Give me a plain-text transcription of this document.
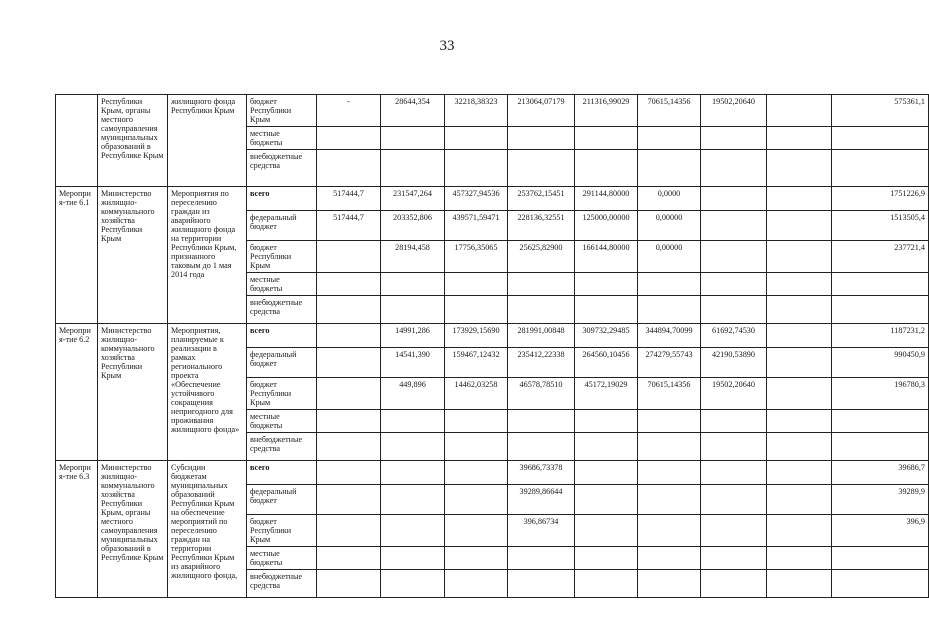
33
	Республики Крым, органы местного самоуправления муниципальных образований в Республике Крым	жилищного фонда Республики Крым	бюджет Республики Крым	-	28644,354	32218,38323	213064,07179	211316,99029	70615,14356	19502,20640		575361,1
			местные бюджеты									
			внебюджетные средства									
Мероприя-тие 6.1	Министерство жилищно-коммунального хозяйства Республики Крым	Мероприятия по переселению граждан из аварийного жилищного фонда на территории Республики Крым, признанного таковым до 1 мая 2014 года	всего	517444,7	231547,264	457327,94536	253762,15451	291144,80000	0,0000			1751226,9
			федеральный бюджет	517444,7	203352,806	439571,59471	228136,32551	125000,00000	0,00000			1513505,4
			бюджет Республики Крым		28194,458	17756,35065	25625,82900	166144,80000	0,00000			237721,4
			местные бюджеты									
			внебюджетные средства									
Мероприя-тие 6.2	Министерство жилищно-коммунального хозяйства Республики Крым	Мероприятия, планируемые к реализации в рамках регионального проекта «Обеспечение устойчивого сокращения непригодного для проживания жилищного фонда»	всего		14991,286	173929,15690	281991,00848	309732,29485	344894,70099	61692,74530		1187231,2
			федеральный бюджет		14541,390	159467,12432	235412,22338	264560,10456	274279,55743	42190,53890		990450,9
			бюджет Республики Крым		449,896	14462,03258	46578,78510	45172,19029	70615,14356	19502,20640		196780,3
			местные бюджеты									
			внебюджетные средства									
Мероприя-тие 6.3	Министерство жилищно-коммунального хозяйства Республики Крым, органы местного самоуправления муниципальных образований в Республике Крым	Субсидии бюджетам муниципальных образований Республики Крым на обеспечение мероприятий по переселению граждан на территории Республики Крым из аварийного жилищного фонда,	всего				39686,73378					39686,7
			федеральный бюджет				39289,86644					39289,9
			бюджет Республики Крым				396,86734					396,9
			местные бюджеты									
			внебюджетные средства									
